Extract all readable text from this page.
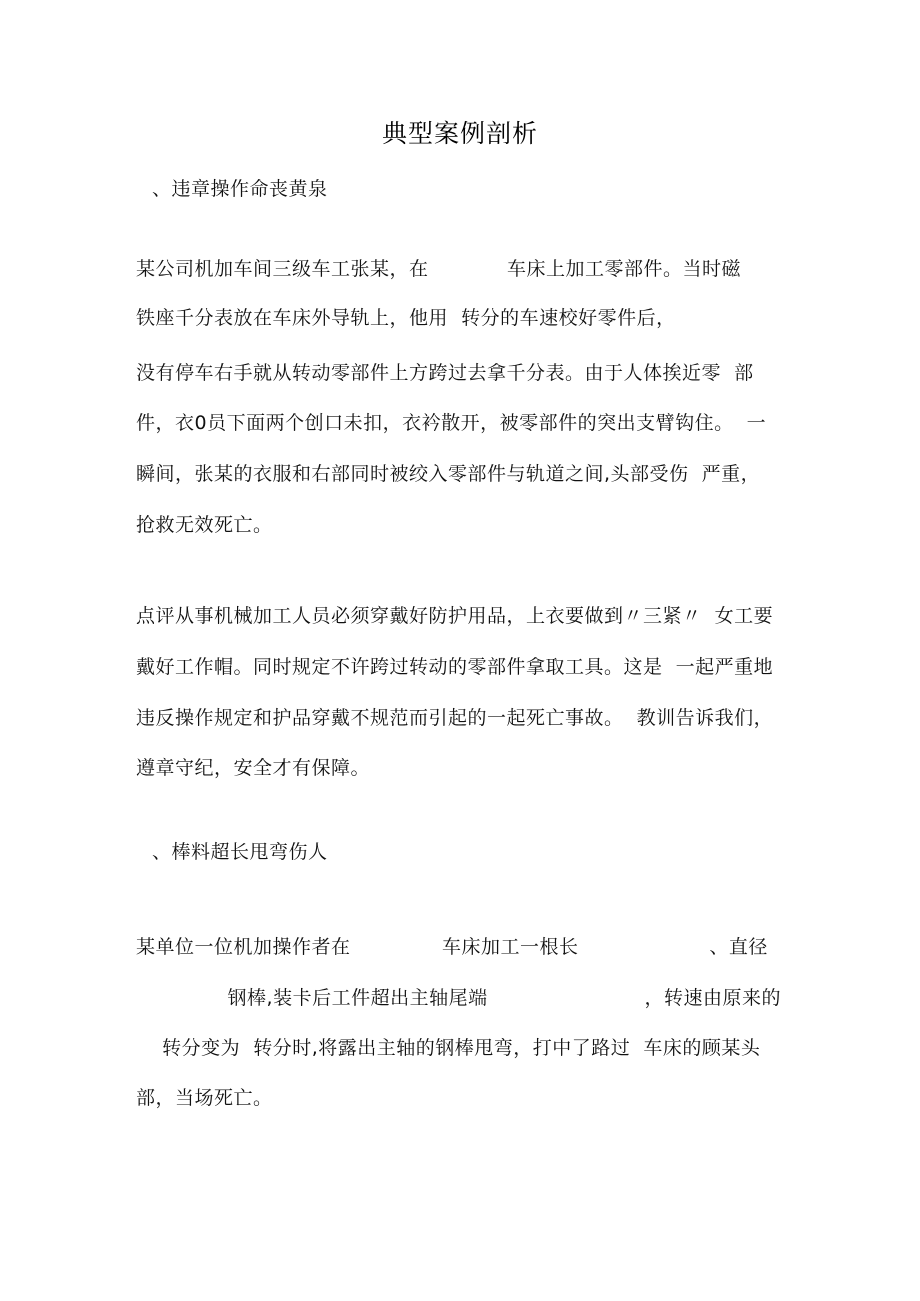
典型案例剖析
、违章操作命丧黄泉
某公司机加车间三级车工张某，在            车床上加工零部件。当时磁
铁座千分表放在车床外导轨上，他用  转分的车速校好零件后，
没有停车右手就从转动零部件上方跨过去拿千分表。由于人体挨近零  部
件，衣0员下面两个创口未扣，衣衿散开，被零部件的突出支臂钩住。  一
瞬间，张某的衣服和右部同时被绞入零部件与轨道之间,头部受伤  严重，
抢救无效死亡。
点评从事机械加工人员必须穿戴好防护用品，上衣要做到〃三紧〃  女工要
戴好工作帽。同时规定不许跨过转动的零部件拿取工具。这是  一起严重地
违反操作规定和护品穿戴不规范而引起的一起死亡事故。  教训告诉我们，
遵章守纪，安全才有保障。
、棒料超长甩弯伤人
某单位一位机加操作者在              车床加工一根长                    、直径
钢棒,装卡后工件超出主轴尾端                        ，转速由原来的
转分变为  转分时,将露出主轴的钢棒甩弯，打中了路过  车床的顾某头
部，当场死亡。
